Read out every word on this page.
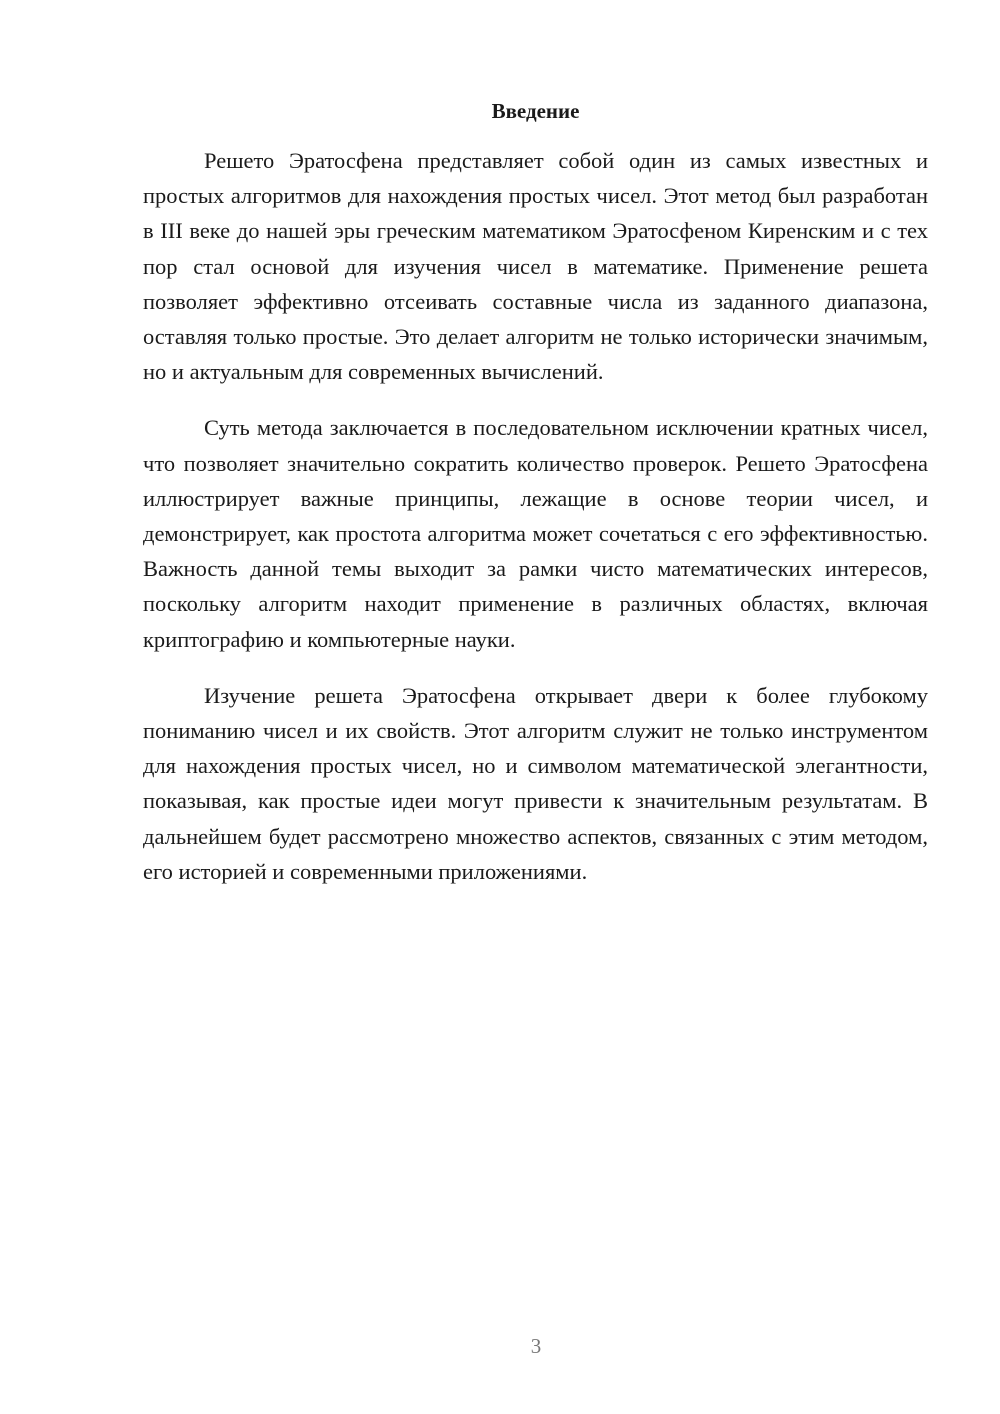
Введение

Решето Эратосфена представляет собой один из самых известных и простых алгоритмов для нахождения простых чисел. Этот метод был разработан в III веке до нашей эры греческим математиком Эратосфеном Киренским и с тех пор стал основой для изучения чисел в математике. Применение решета позволяет эффективно отсеивать составные числа из заданного диапазона, оставляя только простые. Это делает алгоритм не только исторически значимым, но и актуальным для современных вычислений.

Суть метода заключается в последовательном исключении кратных чисел, что позволяет значительно сократить количество проверок. Решето Эратосфена иллюстрирует важные принципы, лежащие в основе теории чисел, и демонстрирует, как простота алгоритма может сочетаться с его эффективностью. Важность данной темы выходит за рамки чисто математических интересов, поскольку алгоритм находит применение в различных областях, включая криптографию и компьютерные науки.

Изучение решета Эратосфена открывает двери к более глубокому пониманию чисел и их свойств. Этот алгоритм служит не только инструментом для нахождения простых чисел, но и символом математической элегантности, показывая, как простые идеи могут привести к значительным результатам. В дальнейшем будет рассмотрено множество аспектов, связанных с этим методом, его историей и современными приложениями.

3
